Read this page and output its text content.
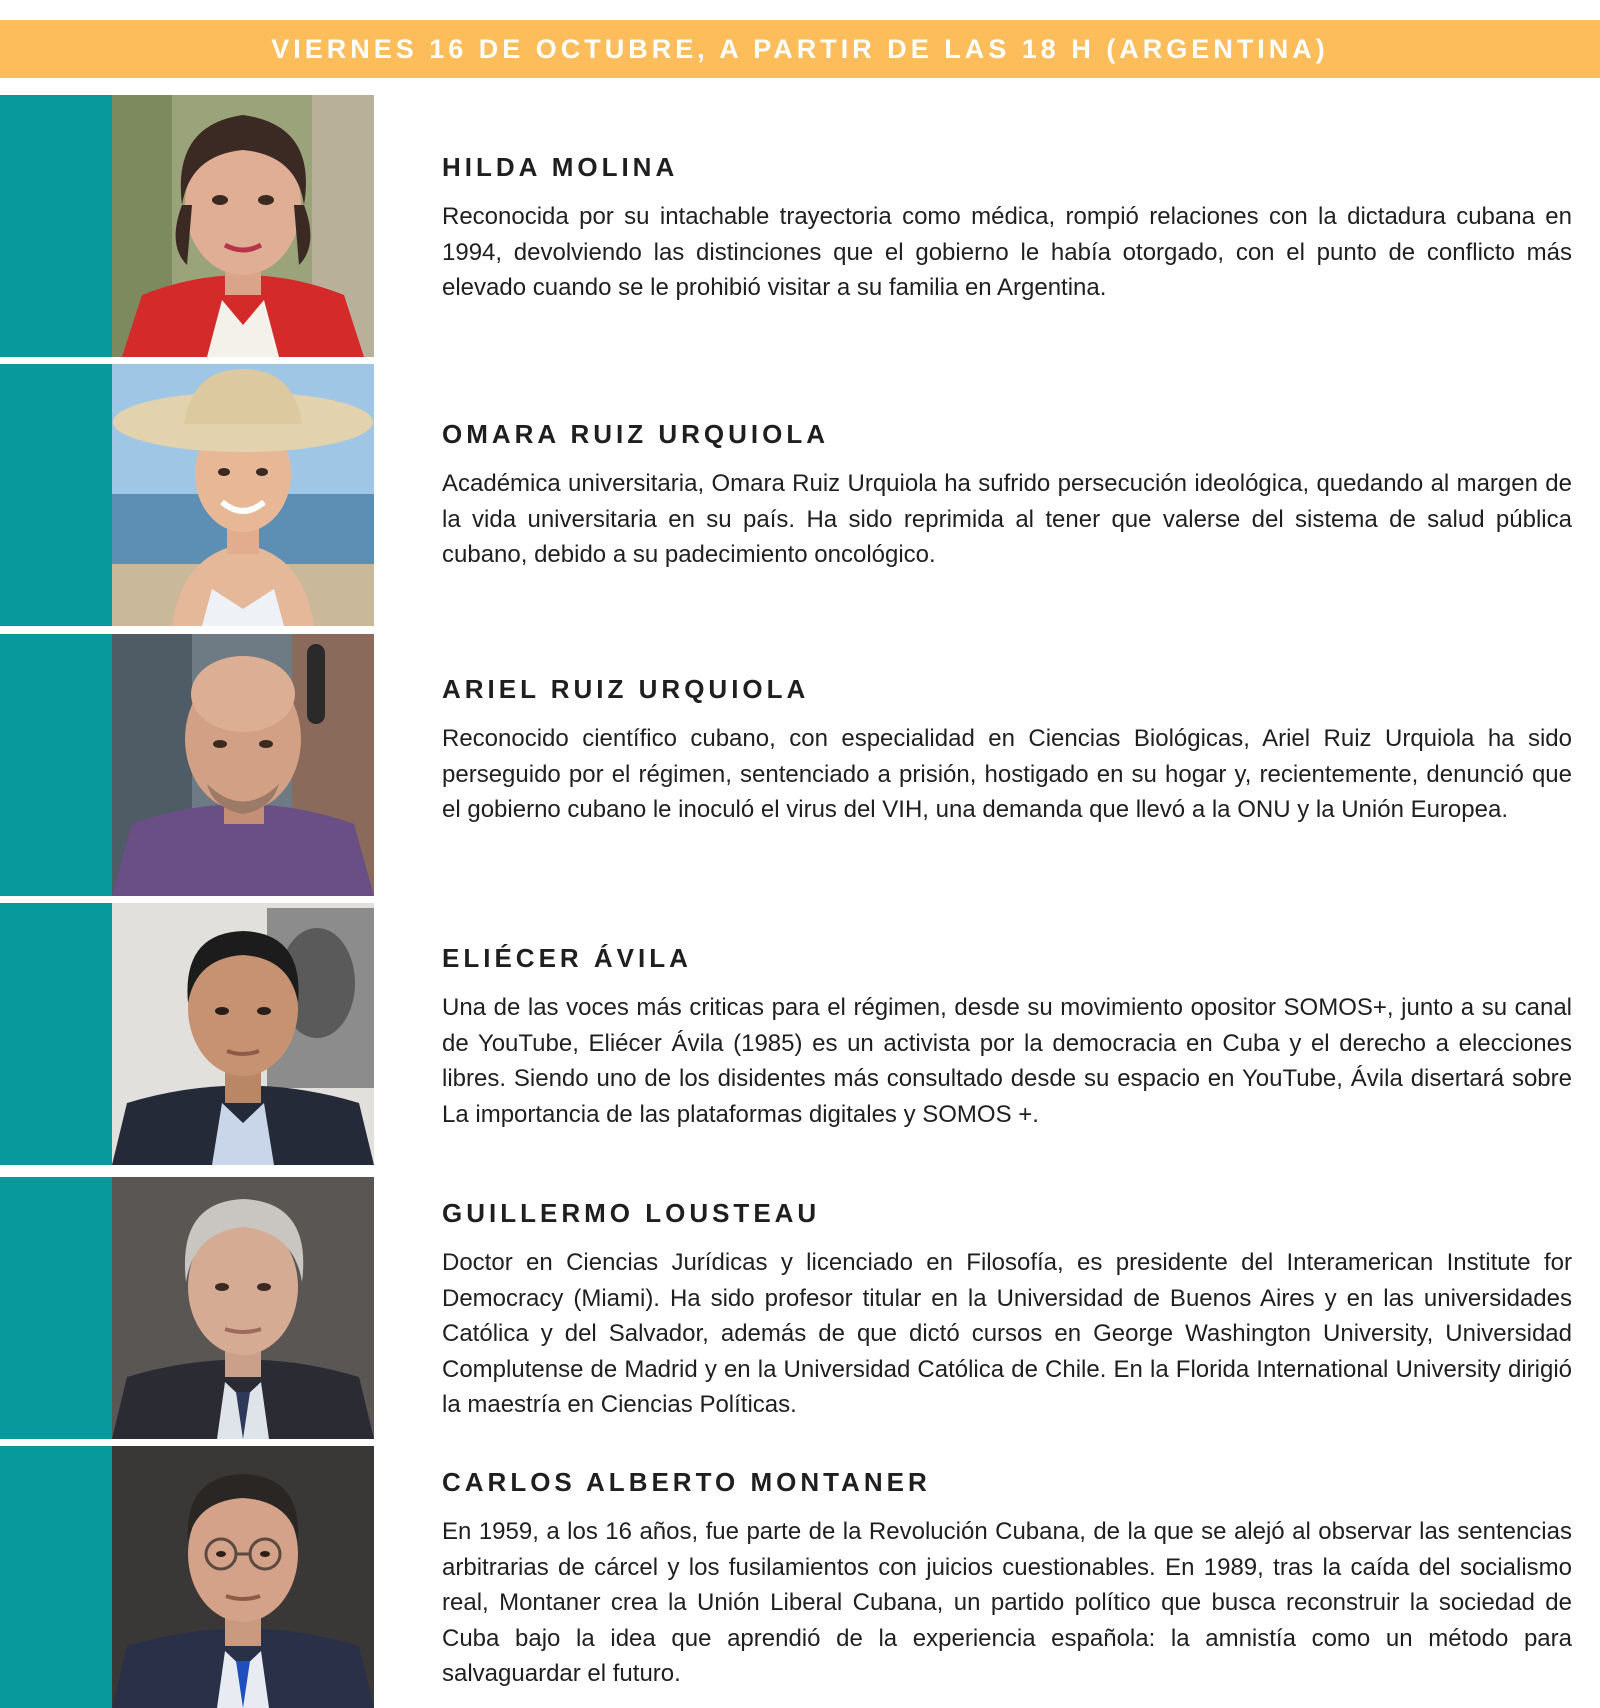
VIERNES 16 DE OCTUBRE, A PARTIR DE LAS 18 H (ARGENTINA)
HILDA MOLINA

Reconocida por su intachable trayectoria como médica, rompió relaciones con la dictadura cubana en 1994, devolviendo las distinciones que el gobierno le había otorgado, con el punto de conflicto más elevado cuando se le prohibió visitar a su familia en Argentina.

OMARA RUIZ URQUIOLA

Académica universitaria, Omara Ruiz Urquiola ha sufrido persecución ideológica, quedando al margen de la vida universitaria en su país. Ha sido reprimida al tener que valerse del sistema de salud pública cubano, debido a su padecimiento oncológico.

ARIEL RUIZ URQUIOLA

Reconocido científico cubano, con especialidad en Ciencias Biológicas, Ariel Ruiz Urquiola ha sido perseguido por el régimen, sentenciado a prisión, hostigado en su hogar y, recientemente, denunció que el gobierno cubano le inoculó el virus del VIH, una demanda que llevó a la ONU y la Unión Europea.

ELIÉCER ÁVILA

Una de las voces más criticas para el régimen, desde su movimiento opositor SOMOS+, junto a su canal de YouTube, Eliécer Ávila (1985) es un activista por la democracia en Cuba y el derecho a elecciones libres. Siendo uno de los disidentes más consultado desde su espacio en YouTube, Ávila disertará sobre La importancia de las plataformas digitales y SOMOS +.

GUILLERMO LOUSTEAU

Doctor en Ciencias Jurídicas y licenciado en Filosofía, es presidente del Interamerican Institute for Democracy (Miami). Ha sido profesor titular en la Universidad de Buenos Aires y en las universidades Católica y del Salvador, además de que dictó cursos en George Washington University, Universidad Complutense de Madrid y en la Universidad Católica de Chile. En la Florida International University dirigió la maestría en Ciencias Políticas.

CARLOS ALBERTO MONTANER

En 1959, a los 16 años, fue parte de la Revolución Cubana, de la que se alejó al observar las sentencias arbitrarias de cárcel y los fusilamientos con juicios cuestionables. En 1989, tras la caída del socialismo real, Montaner crea la Unión Liberal Cubana, un partido político que busca reconstruir la sociedad de Cuba bajo la idea que aprendió de la experiencia española: la amnistía como un método para salvaguardar el futuro.
